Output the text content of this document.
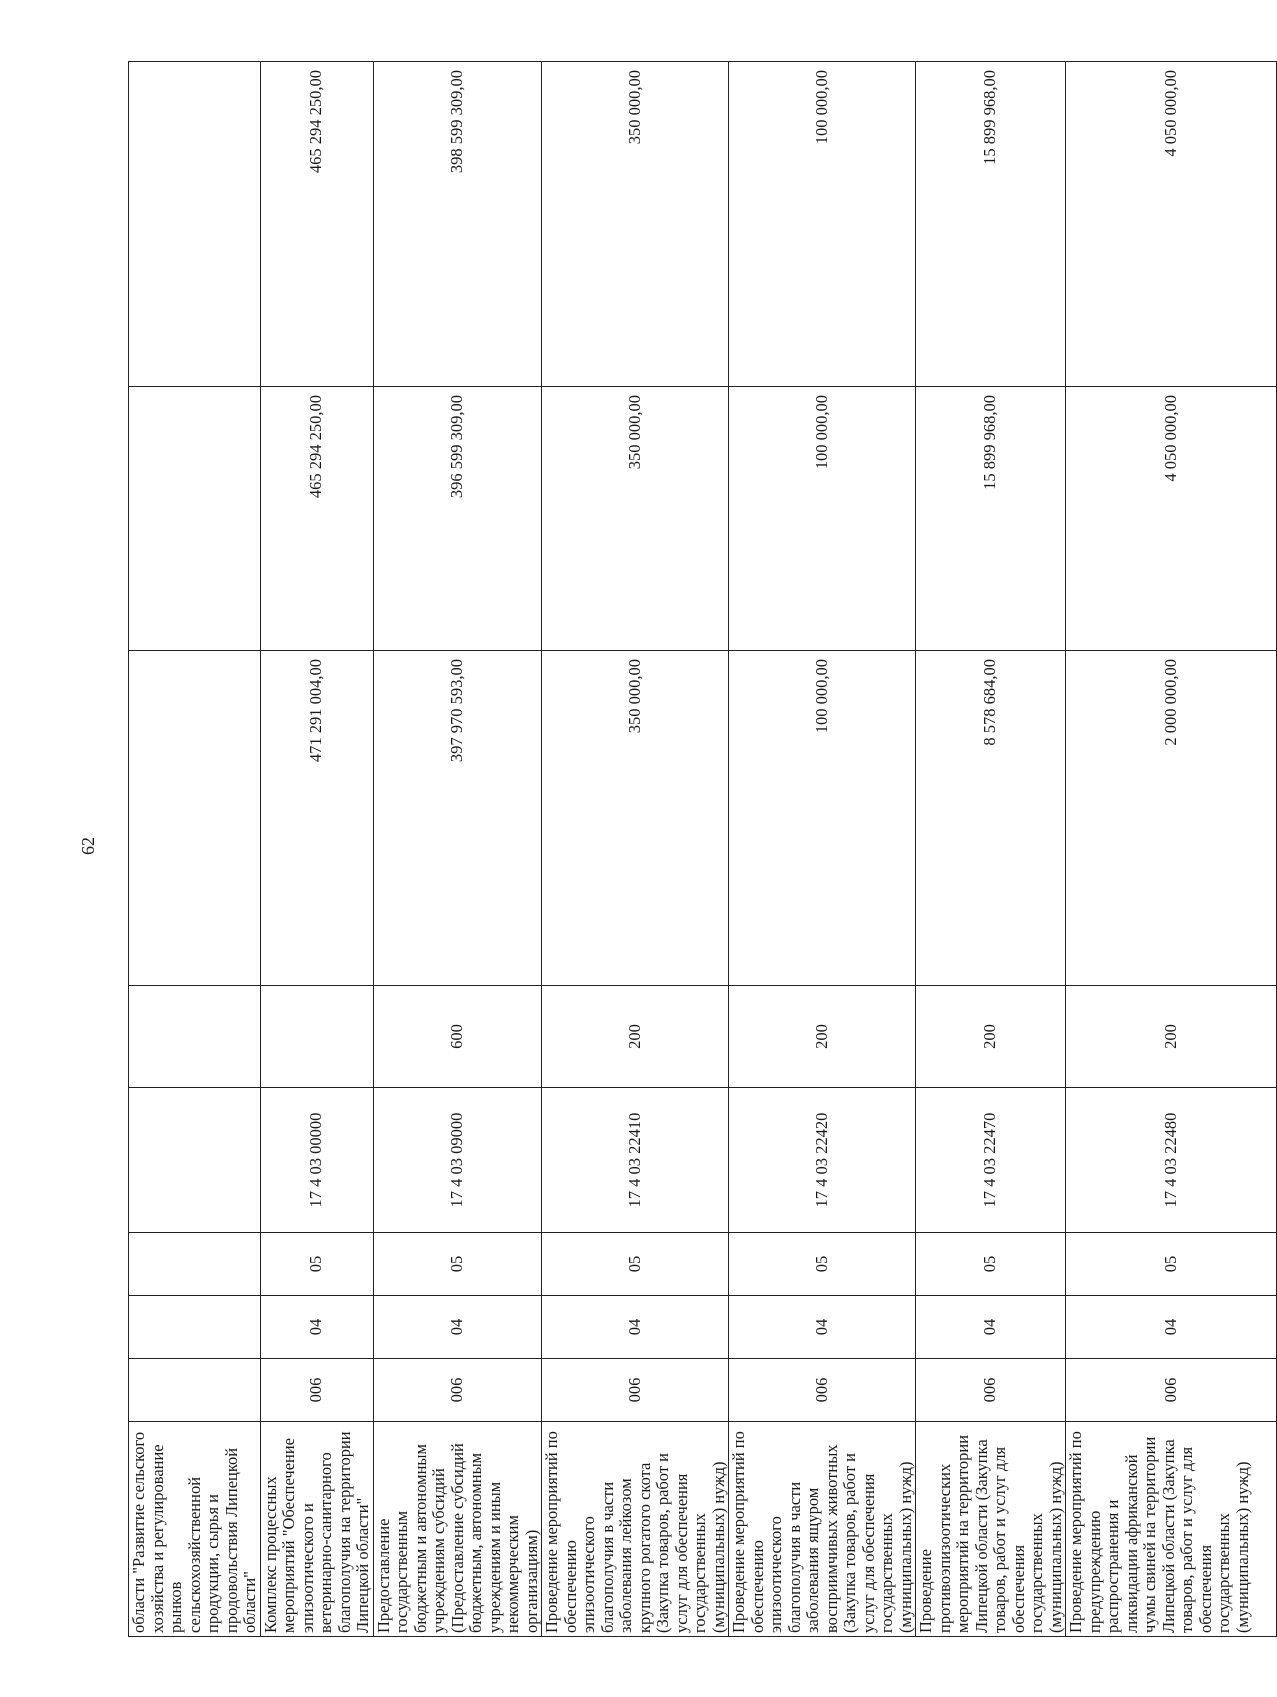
62
области "Развитие сельского хозяйства и регулирование рынков сельскохозяйственной продукции, сырья и продовольствия Липецкой области"								
Комплекс процессных мероприятий "Обеспечение эпизоотического и ветеринарно-санитарного благополучия на территории Липецкой области"	006	04	05	17 4 03 00000		471 291 004,00	465 294 250,00	465 294 250,00
Предоставление государственным бюджетным и автономным учреждениям субсидий (Предоставление субсидий бюджетным, автономным учреждениям и иным некоммерческим организациям)	006	04	05	17 4 03 09000	600	397 970 593,00	396 599 309,00	398 599 309,00
Проведение мероприятий по обеспечению эпизоотического благополучия в части заболевания лейкозом крупного рогатого скота (Закупка товаров, работ и услуг для обеспечения государственных (муниципальных) нужд)	006	04	05	17 4 03 22410	200	350 000,00	350 000,00	350 000,00
Проведение мероприятий по обеспечению эпизоотического благополучия в части заболевания ящуром восприимчивых животных (Закупка товаров, работ и услуг для обеспечения государственных (муниципальных) нужд)	006	04	05	17 4 03 22420	200	100 000,00	100 000,00	100 000,00
Проведение противоэпизоотических мероприятий на территории Липецкой области (Закупка товаров, работ и услуг для обеспечения государственных (муниципальных) нужд)	006	04	05	17 4 03 22470	200	8 578 684,00	15 899 968,00	15 899 968,00
Проведение мероприятий по предупреждению распространения и ликвидации африканской чумы свиней на территории Липецкой области (Закупка товаров, работ и услуг для обеспечения государственных (муниципальных) нужд)	006	04	05	17 4 03 22480	200	2 000 000,00	4 050 000,00	4 050 000,00
